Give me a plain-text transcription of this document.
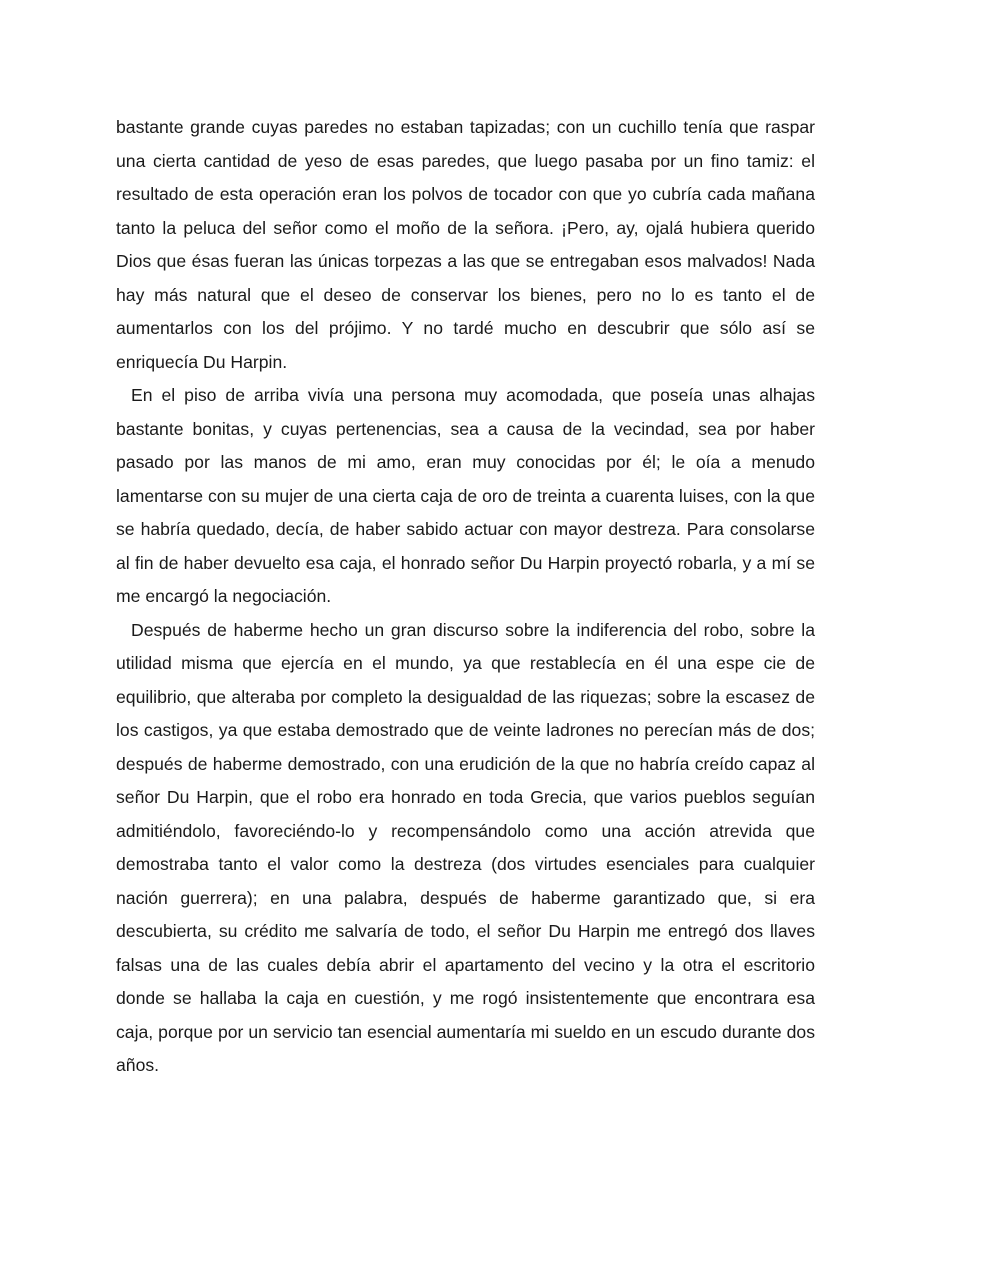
bastante grande cuyas paredes no estaban tapizadas; con un cuchillo tenía que raspar una cierta cantidad de yeso de esas paredes, que luego pasaba por un fino tamiz: el resultado de esta operación eran los polvos de tocador con que yo cubría cada mañana tanto la peluca del señor como el moño de la señora. ¡Pero, ay, ojalá hubiera querido Dios que ésas fueran las únicas torpezas a las que se entregaban esos malvados! Nada hay más natural que el deseo de conservar los bienes, pero no lo es tanto el de aumentarlos con los del prójimo. Y no tardé mucho en descubrir que sólo así se enriquecía Du Harpin.

En el piso de arriba vivía una persona muy acomodada, que poseía unas alhajas bastante bonitas, y cuyas pertenencias, sea a causa de la vecindad, sea por haber pasado por las manos de mi amo, eran muy conocidas por él; le oía a menudo lamentarse con su mujer de una cierta caja de oro de treinta a cuarenta luises, con la que se habría quedado, decía, de haber sabido actuar con mayor destreza. Para consolarse al fin de haber devuelto esa caja, el honrado señor Du Harpin proyectó robarla, y a mí se me encargó la negociación.

Después de haberme hecho un gran discurso sobre la indiferencia del robo, sobre la utilidad misma que ejercía en el mundo, ya que restablecía en él una espe cie de equilibrio, que alteraba por completo la desigualdad de las riquezas; sobre la escasez de los castigos, ya que estaba demostrado que de veinte ladrones no perecían más de dos; después de haberme demostrado, con una erudición de la que no habría creído capaz al señor Du Harpin, que el robo era honrado en toda Grecia, que varios pueblos seguían admitiéndolo, favoreciéndo-lo y recompensándolo como una acción atrevida que demostraba tanto el valor como la destreza (dos virtudes esenciales para cualquier nación guerrera); en una palabra, después de haberme garantizado que, si era descubierta, su crédito me salvaría de todo, el señor Du Harpin me entregó dos llaves falsas una de las cuales debía abrir el apartamento del vecino y la otra el escritorio donde se hallaba la caja en cuestión, y me rogó insistentemente que encontrara esa caja, porque por un servicio tan esencial aumentaría mi sueldo en un escudo durante dos años.
